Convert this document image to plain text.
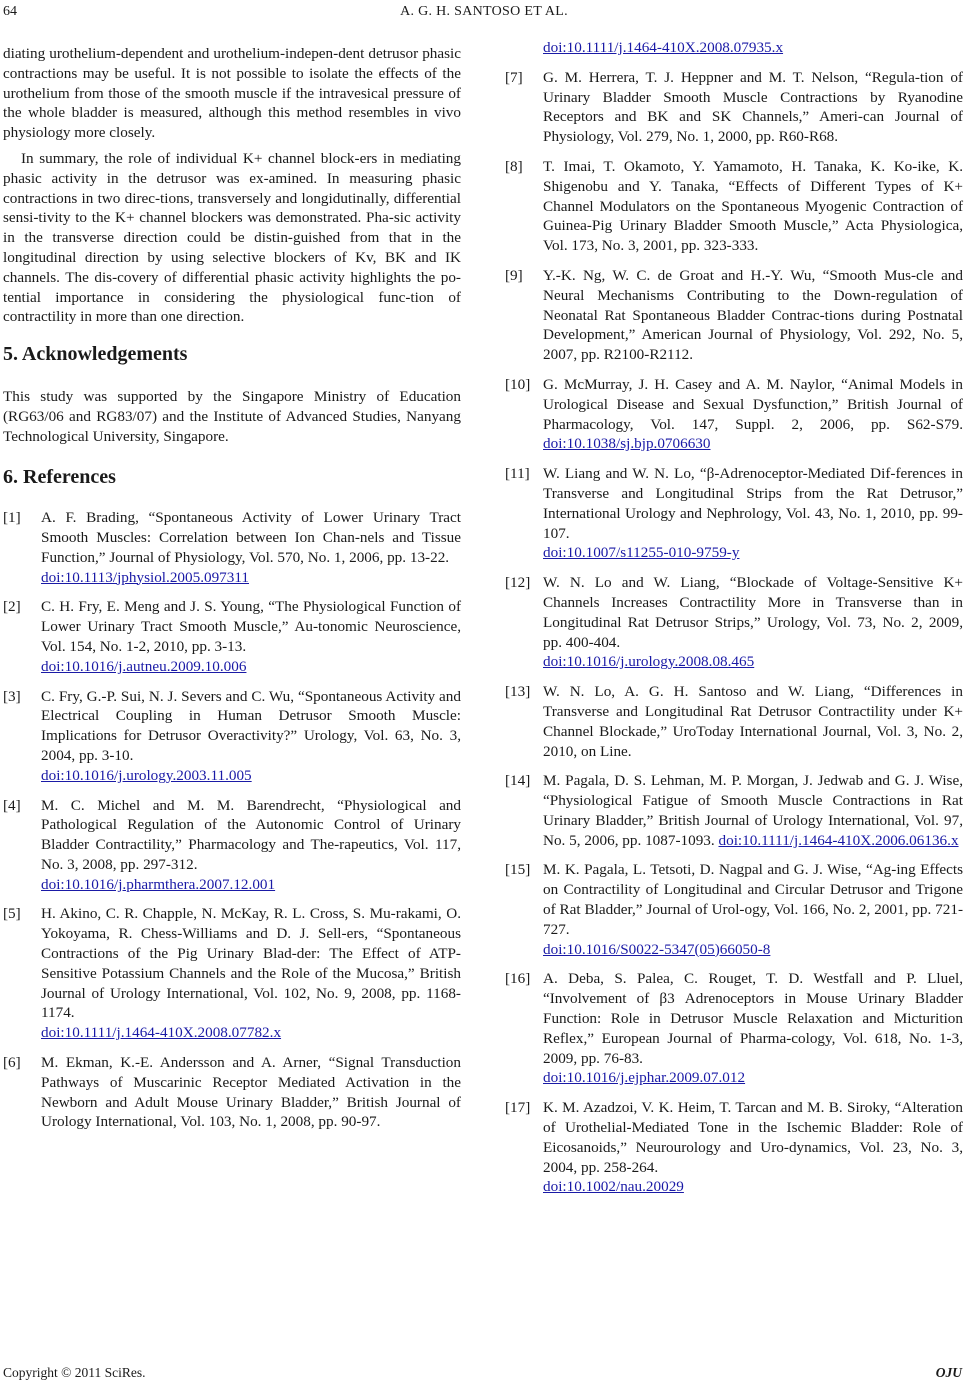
64	A. G. H. SANTOSO ET AL.

diating urothelium-dependent and urothelium-indepen-dent detrusor phasic contractions may be useful. It is not possible to isolate the effects of the urothelium from those of the smooth muscle if the intravesical pressure of the whole bladder is measured, although this method resembles in vivo physiology more closely.

In summary, the role of individual K+ channel block-ers in mediating phasic activity in the detrusor was ex-amined. In measuring phasic contractions in two direc-tions, transversely and longidutinally, differential sensi-tivity to the K+ channel blockers was demonstrated. Pha-sic activity in the transverse direction could be distin-guished from that in the longitudinal direction by using selective blockers of Kv, BK and IK channels. The dis-covery of differential phasic activity highlights the po-tential importance in considering the physiological func-tion of contractility in more than one direction.

5. Acknowledgements

This study was supported by the Singapore Ministry of Education (RG63/06 and RG83/07) and the Institute of Advanced Studies, Nanyang Technological University, Singapore.

6. References
[1] A. F. Brading, “Spontaneous Activity of Lower Urinary Tract Smooth Muscles: Correlation between Ion Chan-nels and Tissue Function,” Journal of Physiology, Vol. 570, No. 1, 2006, pp. 13-22.
doi:10.1113/jphysiol.2005.097311
[2] C. H. Fry, E. Meng and J. S. Young, “The Physiological Function of Lower Urinary Tract Smooth Muscle,” Au-tonomic Neuroscience, Vol. 154, No. 1-2, 2010, pp. 3-13.
doi:10.1016/j.autneu.2009.10.006
[3] C. Fry, G.-P. Sui, N. J. Severs and C. Wu, “Spontaneous Activity and Electrical Coupling in Human Detrusor Smooth Muscle: Implications for Detrusor Overactivity?” Urology, Vol. 63, No. 3, 2004, pp. 3-10.
doi:10.1016/j.urology.2003.11.005
[4] M. C. Michel and M. M. Barendrecht, “Physiological and Pathological Regulation of the Autonomic Control of Urinary Bladder Contractility,” Pharmacology and The-rapeutics, Vol. 117, No. 3, 2008, pp. 297-312.
doi:10.1016/j.pharmthera.2007.12.001
[5] H. Akino, C. R. Chapple, N. McKay, R. L. Cross, S. Mu-rakami, O. Yokoyama, R. Chess-Williams and D. J. Sell-ers, “Spontaneous Contractions of the Pig Urinary Blad-der: The Effect of ATP-Sensitive Potassium Channels and the Role of the Mucosa,” British Journal of Urology International, Vol. 102, No. 9, 2008, pp. 1168-1174.
doi:10.1111/j.1464-410X.2008.07782.x
[6] M. Ekman, K.-E. Andersson and A. Arner, “Signal Transduction Pathways of Muscarinic Receptor Mediated Activation in the Newborn and Adult Mouse Urinary Bladder,” British Journal of Urology International, Vol. 103, No. 1, 2008, pp. 90-97.
doi:10.1111/j.1464-410X.2008.07935.x
[7] G. M. Herrera, T. J. Heppner and M. T. Nelson, “Regula-tion of Urinary Bladder Smooth Muscle Contractions by Ryanodine Receptors and BK and SK Channels,” Ameri-can Journal of Physiology, Vol. 279, No. 1, 2000, pp. R60-R68.
[8] T. Imai, T. Okamoto, Y. Yamamoto, H. Tanaka, K. Ko-ike, K. Shigenobu and Y. Tanaka, “Effects of Different Types of K+ Channel Modulators on the Spontaneous Myogenic Contraction of Guinea-Pig Urinary Bladder Smooth Muscle,” Acta Physiologica, Vol. 173, No. 3, 2001, pp. 323-333.
[9] Y.-K. Ng, W. C. de Groat and H.-Y. Wu, “Smooth Mus-cle and Neural Mechanisms Contributing to the Down-regulation of Neonatal Rat Spontaneous Bladder Contrac-tions during Postnatal Development,” American Journal of Physiology, Vol. 292, No. 5, 2007, pp. R2100-R2112.
[10] G. McMurray, J. H. Casey and A. M. Naylor, “Animal Models in Urological Disease and Sexual Dysfunction,” British Journal of Pharmacology, Vol. 147, Suppl. 2, 2006, pp. S62-S79. doi:10.1038/sj.bjp.0706630
[11] W. Liang and W. N. Lo, “β-Adrenoceptor-Mediated Dif-ferences in Transverse and Longitudinal Strips from the Rat Detrusor,” International Urology and Nephrology, Vol. 43, No. 1, 2010, pp. 99-107.
doi:10.1007/s11255-010-9759-y
[12] W. N. Lo and W. Liang, “Blockade of Voltage-Sensitive K+ Channels Increases Contractility More in Transverse than in Longitudinal Rat Detrusor Strips,” Urology, Vol. 73, No. 2, 2009, pp. 400-404.
doi:10.1016/j.urology.2008.08.465
[13] W. N. Lo, A. G. H. Santoso and W. Liang, “Differences in Transverse and Longitudinal Rat Detrusor Contractility under K+ Channel Blockade,” UroToday International Journal, Vol. 3, No. 2, 2010, on Line.
[14] M. Pagala, D. S. Lehman, M. P. Morgan, J. Jedwab and G. J. Wise, “Physiological Fatigue of Smooth Muscle Contractions in Rat Urinary Bladder,” British Journal of Urology International, Vol. 97, No. 5, 2006, pp. 1087-1093. doi:10.1111/j.1464-410X.2006.06136.x
[15] M. K. Pagala, L. Tetsoti, D. Nagpal and G. J. Wise, “Ag-ing Effects on Contractility of Longitudinal and Circular Detrusor and Trigone of Rat Bladder,” Journal of Urol-ogy, Vol. 166, No. 2, 2001, pp. 721-727.
doi:10.1016/S0022-5347(05)66050-8
[16] A. Deba, S. Palea, C. Rouget, T. D. Westfall and P. Lluel, “Involvement of β3 Adrenoceptors in Mouse Urinary Bladder Function: Role in Detrusor Muscle Relaxation and Micturition Reflex,” European Journal of Pharma-cology, Vol. 618, No. 1-3, 2009, pp. 76-83.
doi:10.1016/j.ejphar.2009.07.012
[17] K. M. Azadzoi, V. K. Heim, T. Tarcan and M. B. Siroky, “Alteration of Urothelial-Mediated Tone in the Ischemic Bladder: Role of Eicosanoids,” Neurourology and Uro-dynamics, Vol. 23, No. 3, 2004, pp. 258-264.
doi:10.1002/nau.20029
Copyright © 2011 SciRes.	OJU
